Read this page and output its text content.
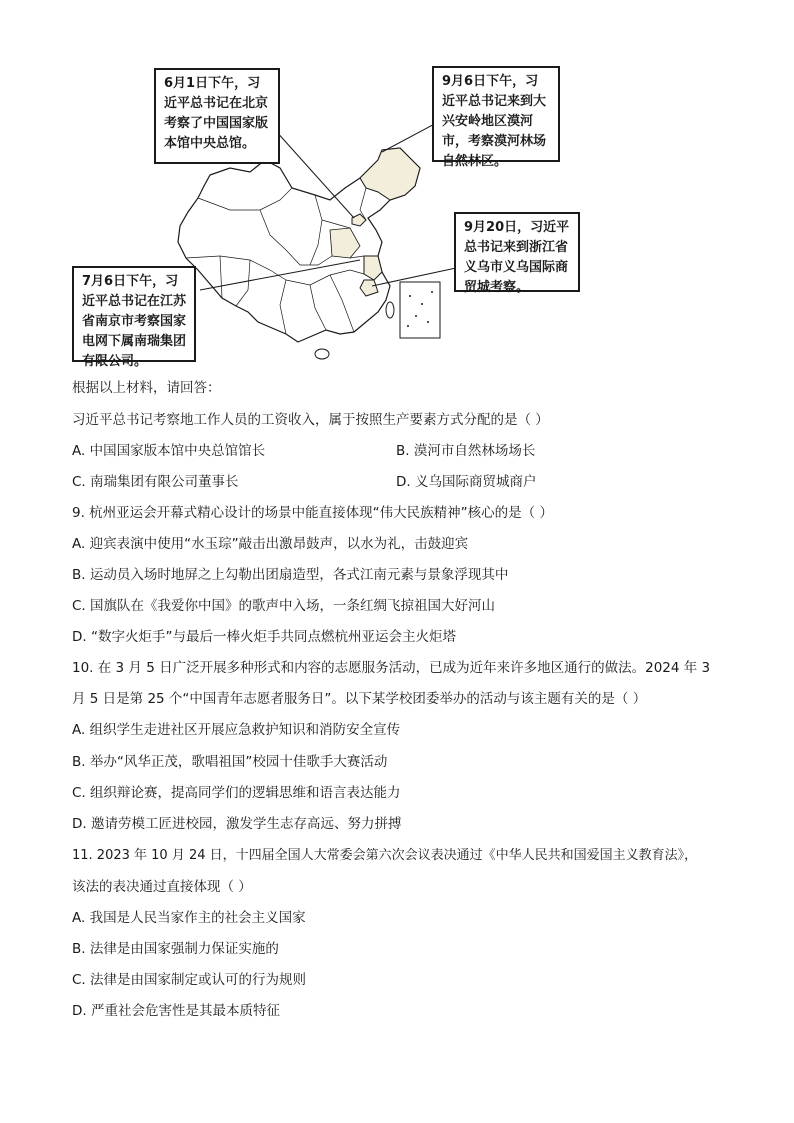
6月1日下午，习近平总书记在北京考察了中国国家版本馆中央总馆。
9月6日下午，习近平总书记来到大兴安岭地区漠河市，考察漠河林场自然林区。
9月20日，习近平总书记来到浙江省义乌市义乌国际商贸城考察。
7月6日下午，习近平总书记在江苏省南京市考察国家电网下属南瑞集团有限公司。
根据以上材料，请回答：
习近平总书记考察地工作人员的工资收入，属于按照生产要素方式分配的是（ ）
A. 中国国家版本馆中央总馆馆长	B. 漠河市自然林场场长
C. 南瑞集团有限公司董事长	D. 义乌国际商贸城商户
9. 杭州亚运会开幕式精心设计的场景中能直接体现“伟大民族精神”核心的是（ ）
A. 迎宾表演中使用“水玉琮”敲击出激昂鼓声，以水为礼，击鼓迎宾
B. 运动员入场时地屏之上勾勒出团扇造型，各式江南元素与景象浮现其中
C. 国旗队在《我爱你中国》的歌声中入场，一条红绸飞掠祖国大好河山
D. “数字火炬手”与最后一棒火炬手共同点燃杭州亚运会主火炬塔
10. 在 3 月 5 日广泛开展多种形式和内容的志愿服务活动，已成为近年来许多地区通行的做法。2024 年 3
月 5 日是第 25 个“中国青年志愿者服务日”。以下某学校团委举办的活动与该主题有关的是（ ）
A. 组织学生走进社区开展应急救护知识和消防安全宣传
B. 举办“风华正茂，歌唱祖国”校园十佳歌手大赛活动
C. 组织辩论赛，提高同学们的逻辑思维和语言表达能力
D. 邀请劳模工匠进校园，激发学生志存高远、努力拼搏
11. 2023 年 10 月 24 日，十四届全国人大常委会第六次会议表决通过《中华人民共和国爱国主义教育法》，
该法的表决通过直接体现（ ）
A. 我国是人民当家作主的社会主义国家
B. 法律是由国家强制力保证实施的
C. 法律是由国家制定或认可的行为规则
D. 严重社会危害性是其最本质特征
